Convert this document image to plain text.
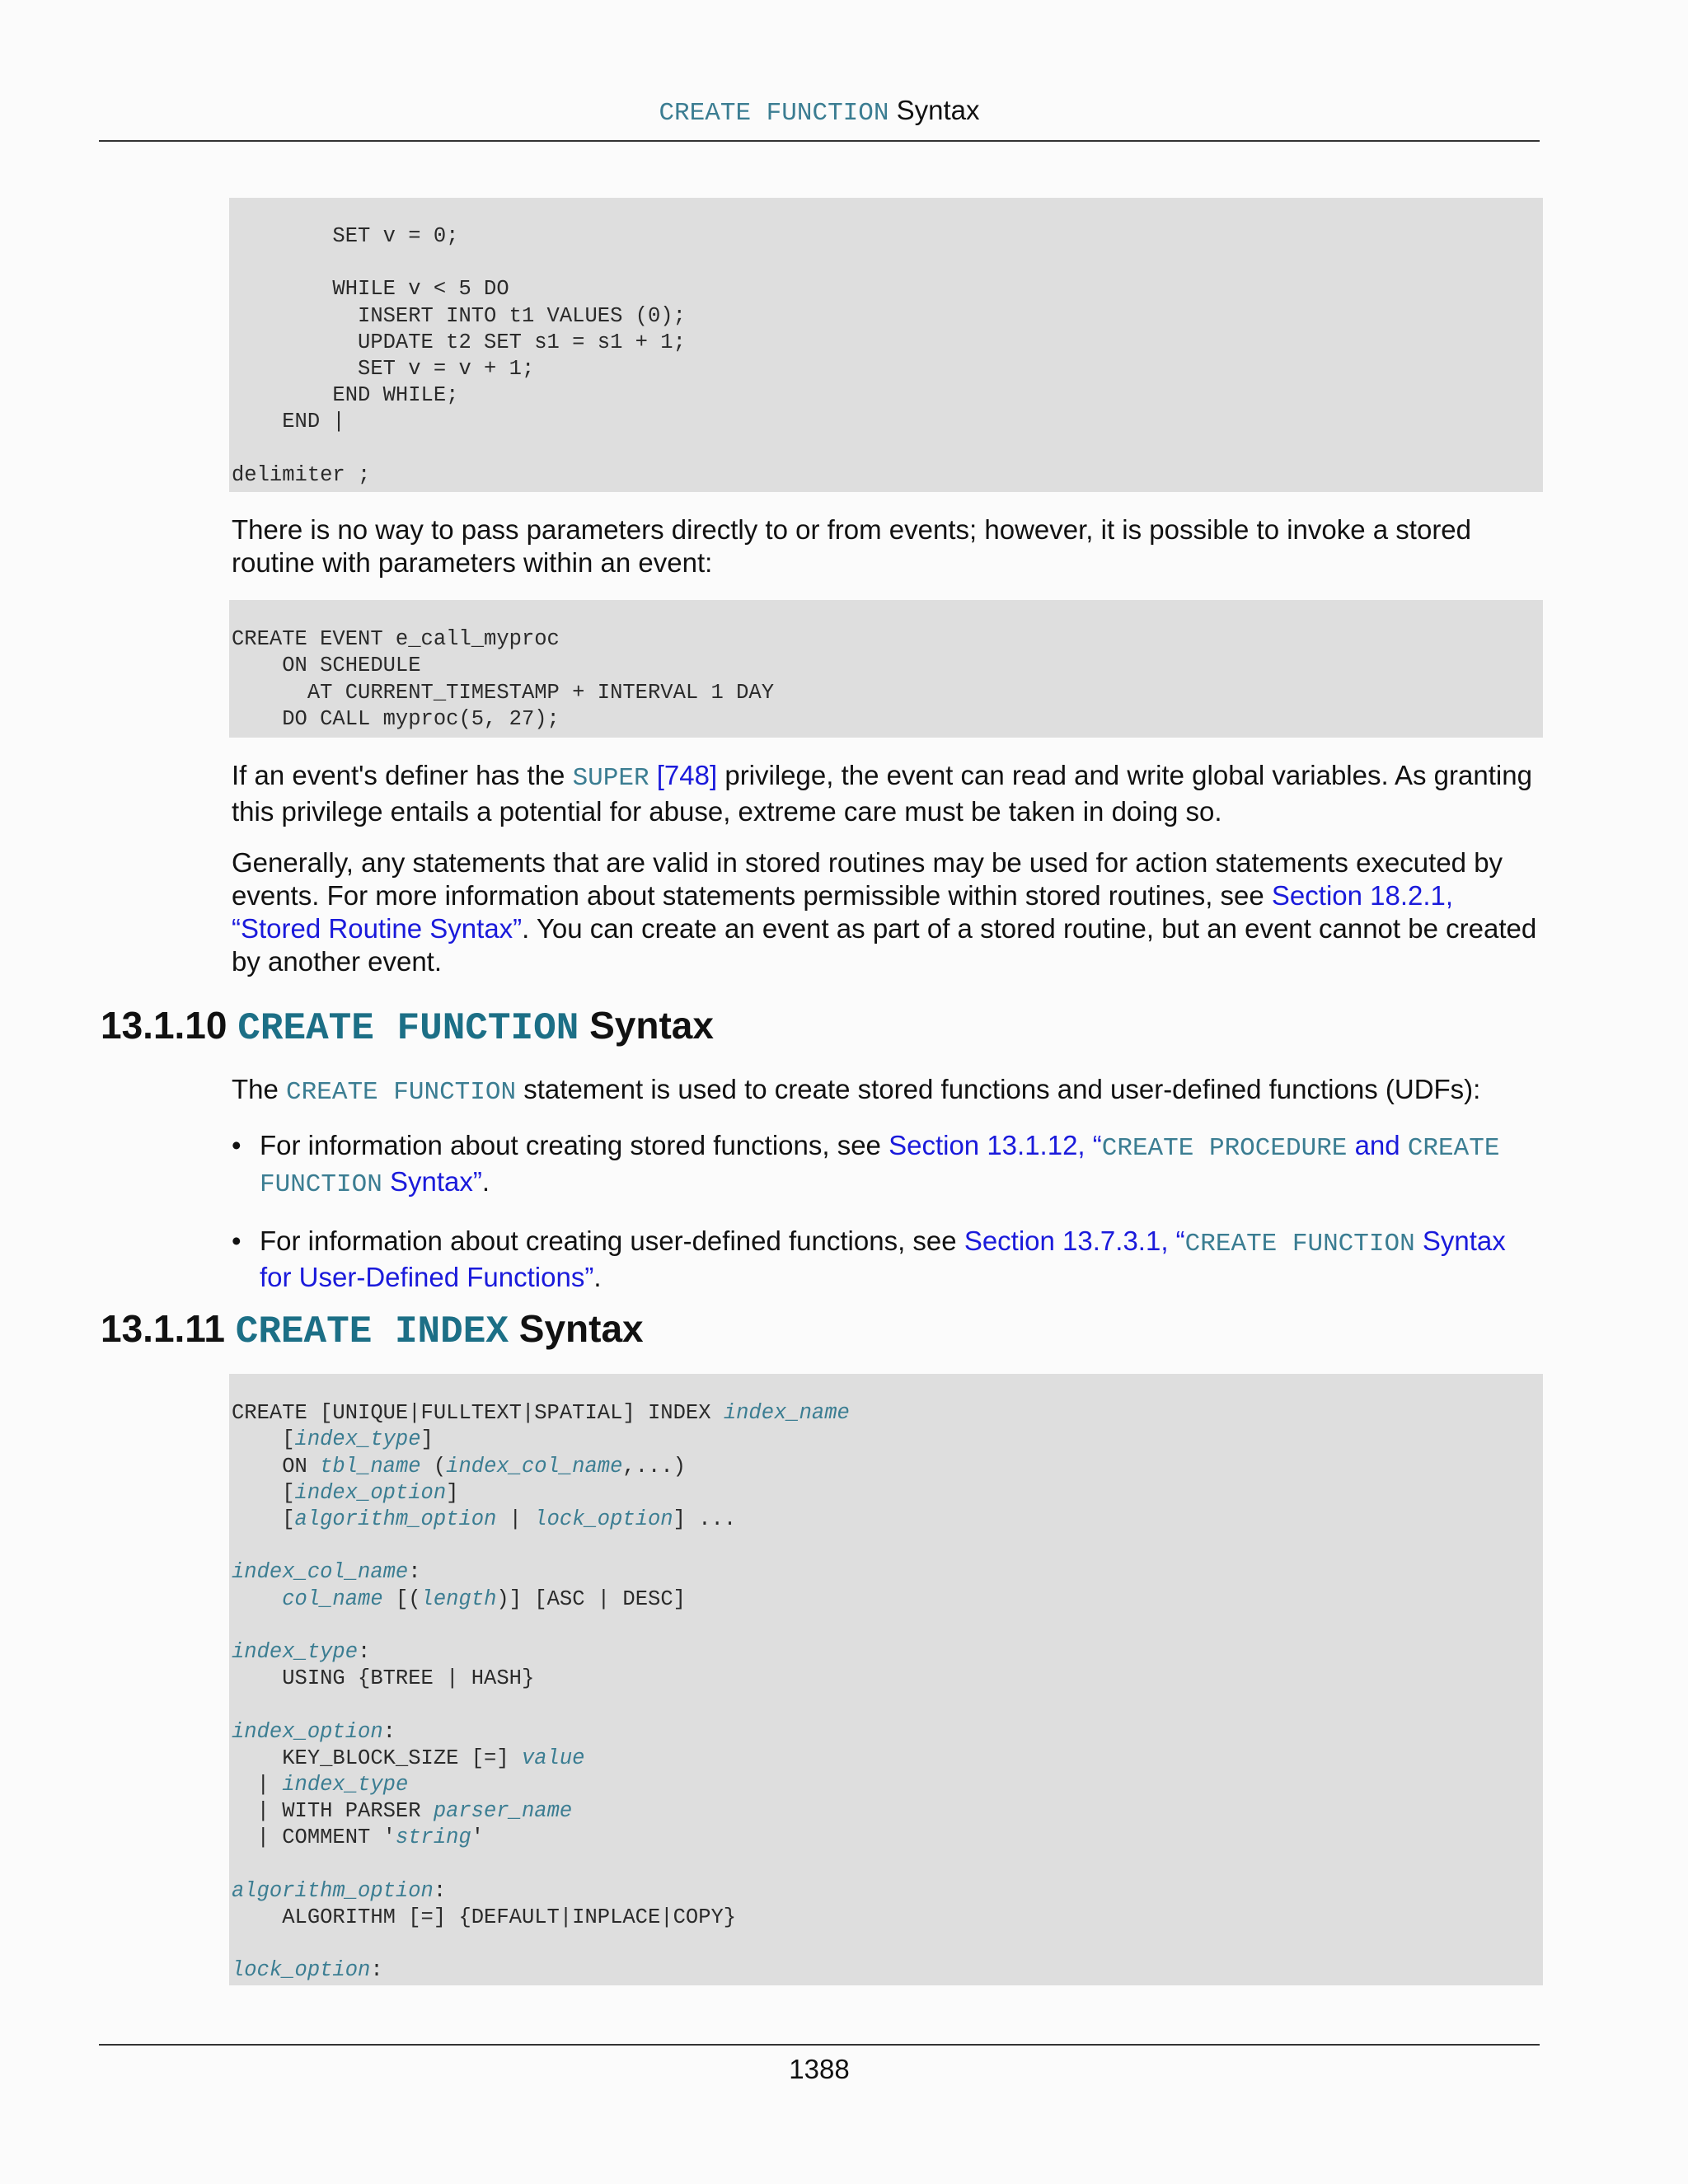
CREATE FUNCTION Syntax
SET v = 0;

WHILE v < 5 DO
INSERT INTO t1 VALUES (0);
UPDATE t2 SET s1 = s1 + 1;
SET v = v + 1;
END WHILE;
END |

delimiter ;
There is no way to pass parameters directly to or from events; however, it is possible to invoke a stored routine with parameters within an event:

CREATE EVENT e_call_myproc
ON SCHEDULE
AT CURRENT_TIMESTAMP + INTERVAL 1 DAY
DO CALL myproc(5, 27);
If an event's definer has the SUPER [748] privilege, the event can read and write global variables. As granting this privilege entails a potential for abuse, extreme care must be taken in doing so.
Generally, any statements that are valid in stored routines may be used for action statements executed by events. For more information about statements permissible within stored routines, see Section 18.2.1, “Stored Routine Syntax”. You can create an event as part of a stored routine, but an event cannot be created by another event.
13.1.10 CREATE FUNCTION Syntax
The CREATE FUNCTION statement is used to create stored functions and user-defined functions (UDFs):
• For information about creating stored functions, see Section 13.1.12, “CREATE PROCEDURE and CREATE FUNCTION Syntax”.
• For information about creating user-defined functions, see Section 13.7.3.1, “CREATE FUNCTION Syntax for User-Defined Functions”.
13.1.11 CREATE INDEX Syntax

CREATE [UNIQUE|FULLTEXT|SPATIAL] INDEX index_name
[index_type]
ON tbl_name (index_col_name,...)
[index_option]
[algorithm_option | lock_option] ...

index_col_name:
col_name [(length)] [ASC | DESC]

index_type:
USING {BTREE | HASH}

index_option:
KEY_BLOCK_SIZE [=] value
| index_type
| WITH PARSER parser_name
| COMMENT 'string'

algorithm_option:
ALGORITHM [=] {DEFAULT|INPLACE|COPY}

lock_option:
1388
